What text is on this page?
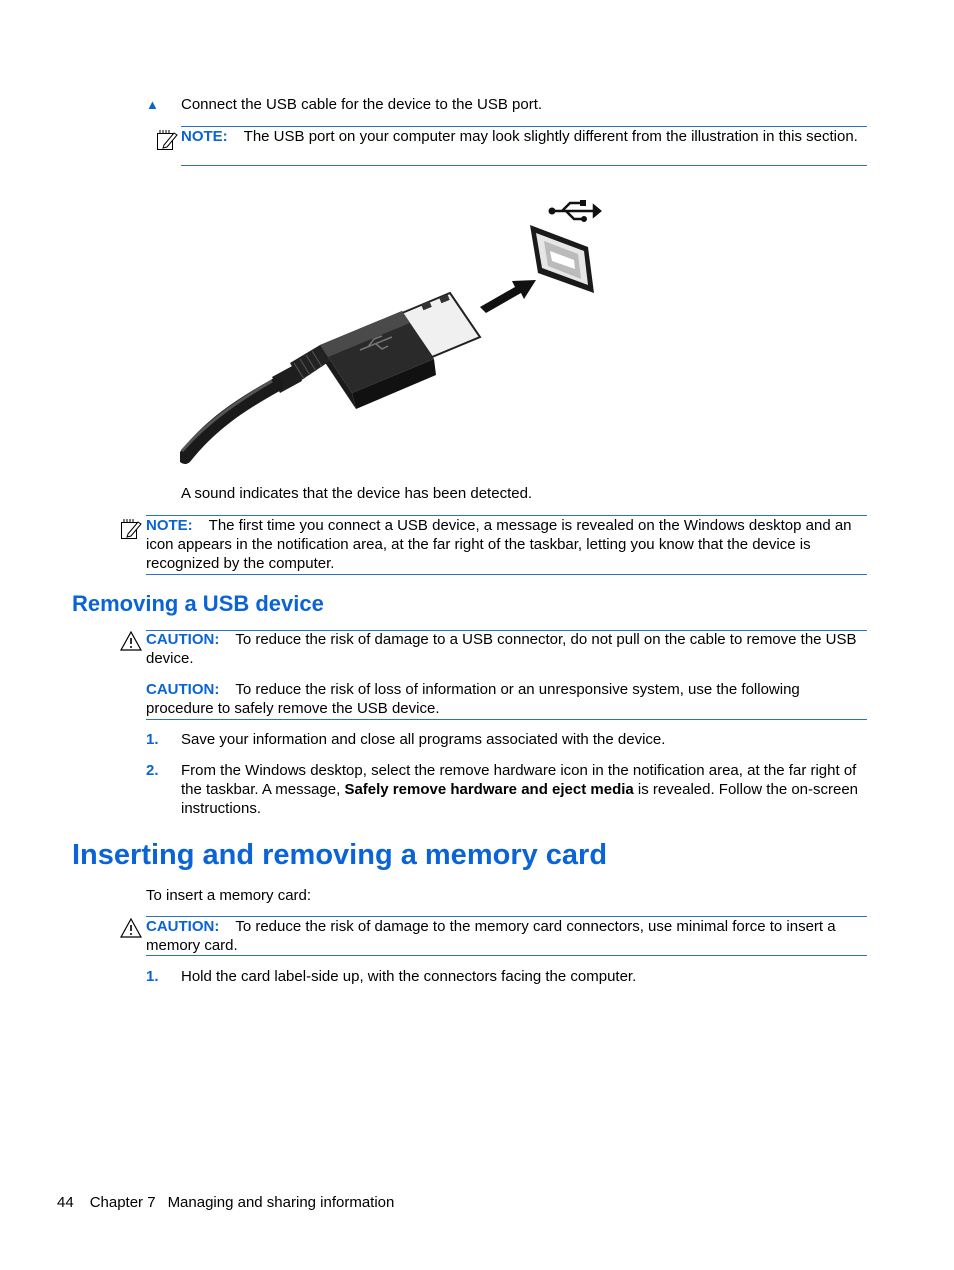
▲ Connect the USB cable for the device to the USB port.
NOTE: The USB port on your computer may look slightly different from the illustration in this section.
A sound indicates that the device has been detected.
NOTE: The first time you connect a USB device, a message is revealed on the Windows desktop and an icon appears in the notification area, at the far right of the taskbar, letting you know that the device is recognized by the computer.
Removing a USB device
CAUTION: To reduce the risk of damage to a USB connector, do not pull on the cable to remove the USB device.
CAUTION: To reduce the risk of loss of information or an unresponsive system, use the following procedure to safely remove the USB device.
1. Save your information and close all programs associated with the device.
2. From the Windows desktop, select the remove hardware icon in the notification area, at the far right of the taskbar. A message, Safely remove hardware and eject media is revealed. Follow the on-screen instructions.
Inserting and removing a memory card
To insert a memory card:
CAUTION: To reduce the risk of damage to the memory card connectors, use minimal force to insert a memory card.
1. Hold the card label-side up, with the connectors facing the computer.
44 Chapter 7 Managing and sharing information
